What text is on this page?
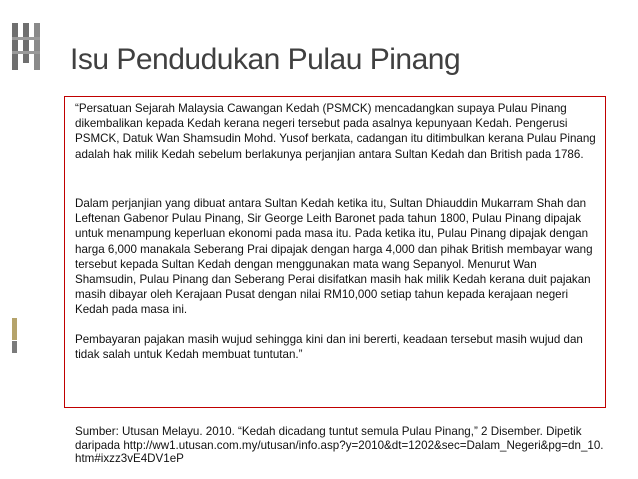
Isu Pendudukan Pulau Pinang

“Persatuan Sejarah Malaysia Cawangan Kedah (PSMCK) mencadangkan supaya Pulau Pinang dikembalikan kepada Kedah kerana negeri tersebut pada asalnya kepunyaan Kedah. Pengerusi PSMCK, Datuk Wan Shamsudin Mohd. Yusof berkata, cadangan itu ditimbulkan kerana Pulau Pinang adalah hak milik Kedah sebelum berlakunya perjanjian antara Sultan Kedah dan British pada 1786.

Dalam perjanjian yang dibuat antara Sultan Kedah ketika itu, Sultan Dhiauddin Mukarram Shah dan Leftenan Gabenor Pulau Pinang, Sir George Leith Baronet pada tahun 1800, Pulau Pinang dipajak untuk menampung keperluan ekonomi pada masa itu. Pada ketika itu, Pulau Pinang dipajak dengan harga 6,000 manakala Seberang Prai dipajak dengan harga 4,000 dan pihak British membayar wang tersebut kepada Sultan Kedah dengan menggunakan mata wang Sepanyol. Menurut Wan Shamsudin, Pulau Pinang dan Seberang Perai disifatkan masih hak milik Kedah kerana duit pajakan masih dibayar oleh Kerajaan Pusat dengan nilai RM10,000 setiap tahun kepada kerajaan negeri Kedah pada masa ini.

Pembayaran pajakan masih wujud sehingga kini dan ini bererti, keadaan tersebut masih wujud dan tidak salah untuk Kedah membuat tuntutan.”

Sumber: Utusan Melayu. 2010. “Kedah dicadang tuntut semula Pulau Pinang,” 2 Disember. Dipetik daripada http://ww1.utusan.com.my/utusan/info.asp?y=2010&dt=1202&sec=Dalam_Negeri&pg=dn_10.htm#ixzz3vE4DV1eP
